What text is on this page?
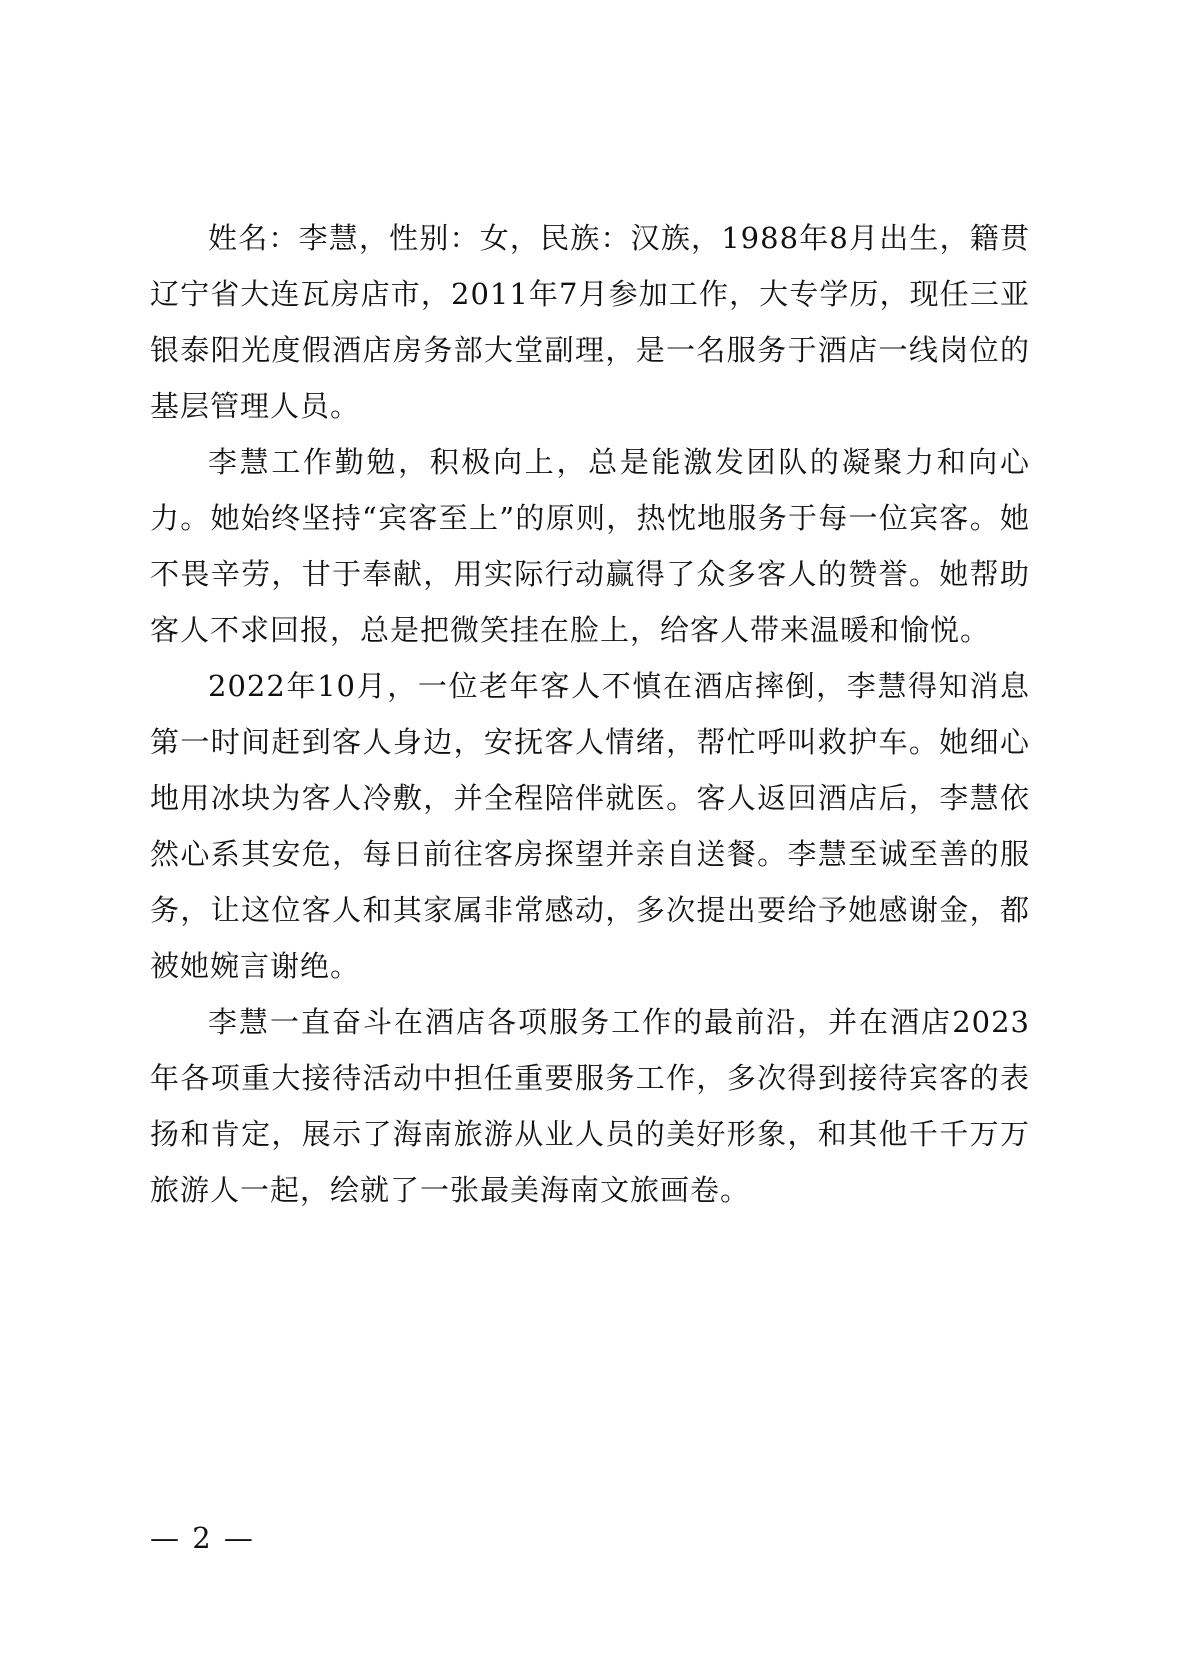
姓名：李慧，性别：女，民族：汉族，1988年8月出生，籍贯辽宁省大连瓦房店市，2011年7月参加工作，大专学历，现任三亚银泰阳光度假酒店房务部大堂副理，是一名服务于酒店一线岗位的基层管理人员。

李慧工作勤勉，积极向上，总是能激发团队的凝聚力和向心力。她始终坚持“宾客至上”的原则，热忱地服务于每一位宾客。她不畏辛劳，甘于奉献，用实际行动赢得了众多客人的赞誉。她帮助客人不求回报，总是把微笑挂在脸上，给客人带来温暖和愉悦。

2022年10月，一位老年客人不慎在酒店摔倒，李慧得知消息第一时间赶到客人身边，安抚客人情绪，帮忙呼叫救护车。她细心地用冰块为客人冷敷，并全程陪伴就医。客人返回酒店后，李慧依然心系其安危，每日前往客房探望并亲自送餐。李慧至诚至善的服务，让这位客人和其家属非常感动，多次提出要给予她感谢金，都被她婉言谢绝。

李慧一直奋斗在酒店各项服务工作的最前沿，并在酒店2023年各项重大接待活动中担任重要服务工作，多次得到接待宾客的表扬和肯定，展示了海南旅游从业人员的美好形象，和其他千千万万旅游人一起，绘就了一张最美海南文旅画卷。

— 2 —
